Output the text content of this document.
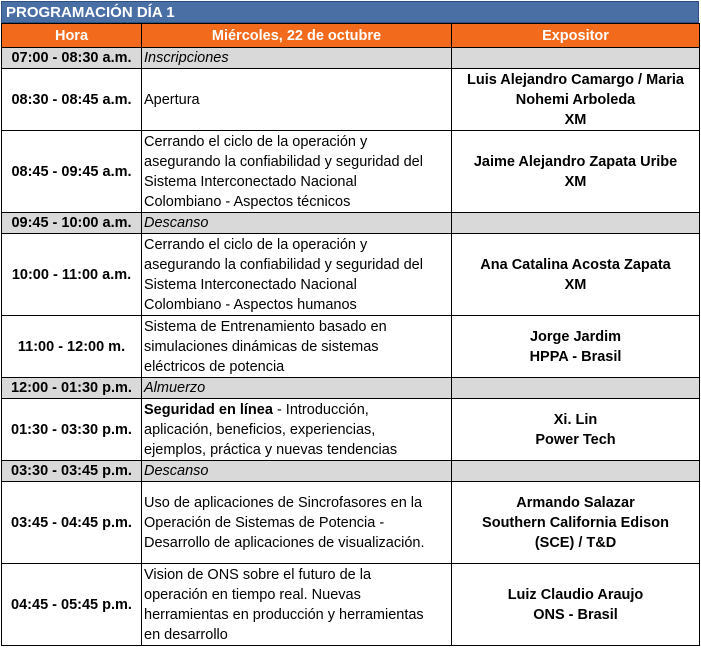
PROGRAMACIÓN DÍA 1
Hora	Miércoles, 22 de octubre	Expositor
07:00 - 08:30 a.m.	Inscripciones	
08:30 - 08:45 a.m.	Apertura	Luis Alejandro Camargo / Maria
Nohemi Arboleda
XM

08:45 - 09:45 a.m.	Cerrando el ciclo de la operación y
asegurando la confiabilidad y seguridad del
Sistema Interconectado Nacional
Colombiano - Aspectos técnicos	Jaime Alejandro Zapata Uribe
XM

09:45 - 10:00 a.m.	Descanso	
10:00 - 11:00 a.m.	Cerrando el ciclo de la operación y
asegurando la confiabilidad y seguridad del
Sistema Interconectado Nacional
Colombiano - Aspectos humanos	Ana Catalina Acosta Zapata
XM

11:00 - 12:00 m.	Sistema de Entrenamiento basado en
simulaciones dinámicas de sistemas
eléctricos de potencia	Jorge Jardim
HPPA - Brasil

12:00 - 01:30 p.m.	Almuerzo	
01:30 - 03:30 p.m.	Seguridad en línea - Introducción,
aplicación, beneficios, experiencias,
ejemplos, práctica y nuevas tendencias	Xi. Lin
Power Tech

03:30 - 03:45 p.m.	Descanso	
03:45 - 04:45 p.m.	Uso de aplicaciones de Sincrofasores en la
Operación de Sistemas de Potencia -
Desarrollo de aplicaciones de visualización.	Armando Salazar
Southern California Edison
(SCE) / T&D

04:45 - 05:45 p.m.	Vision de ONS sobre el futuro de la
operación en tiempo real. Nuevas
herramientas en producción y herramientas
en desarrollo	Luiz Claudio Araujo
ONS - Brasil
